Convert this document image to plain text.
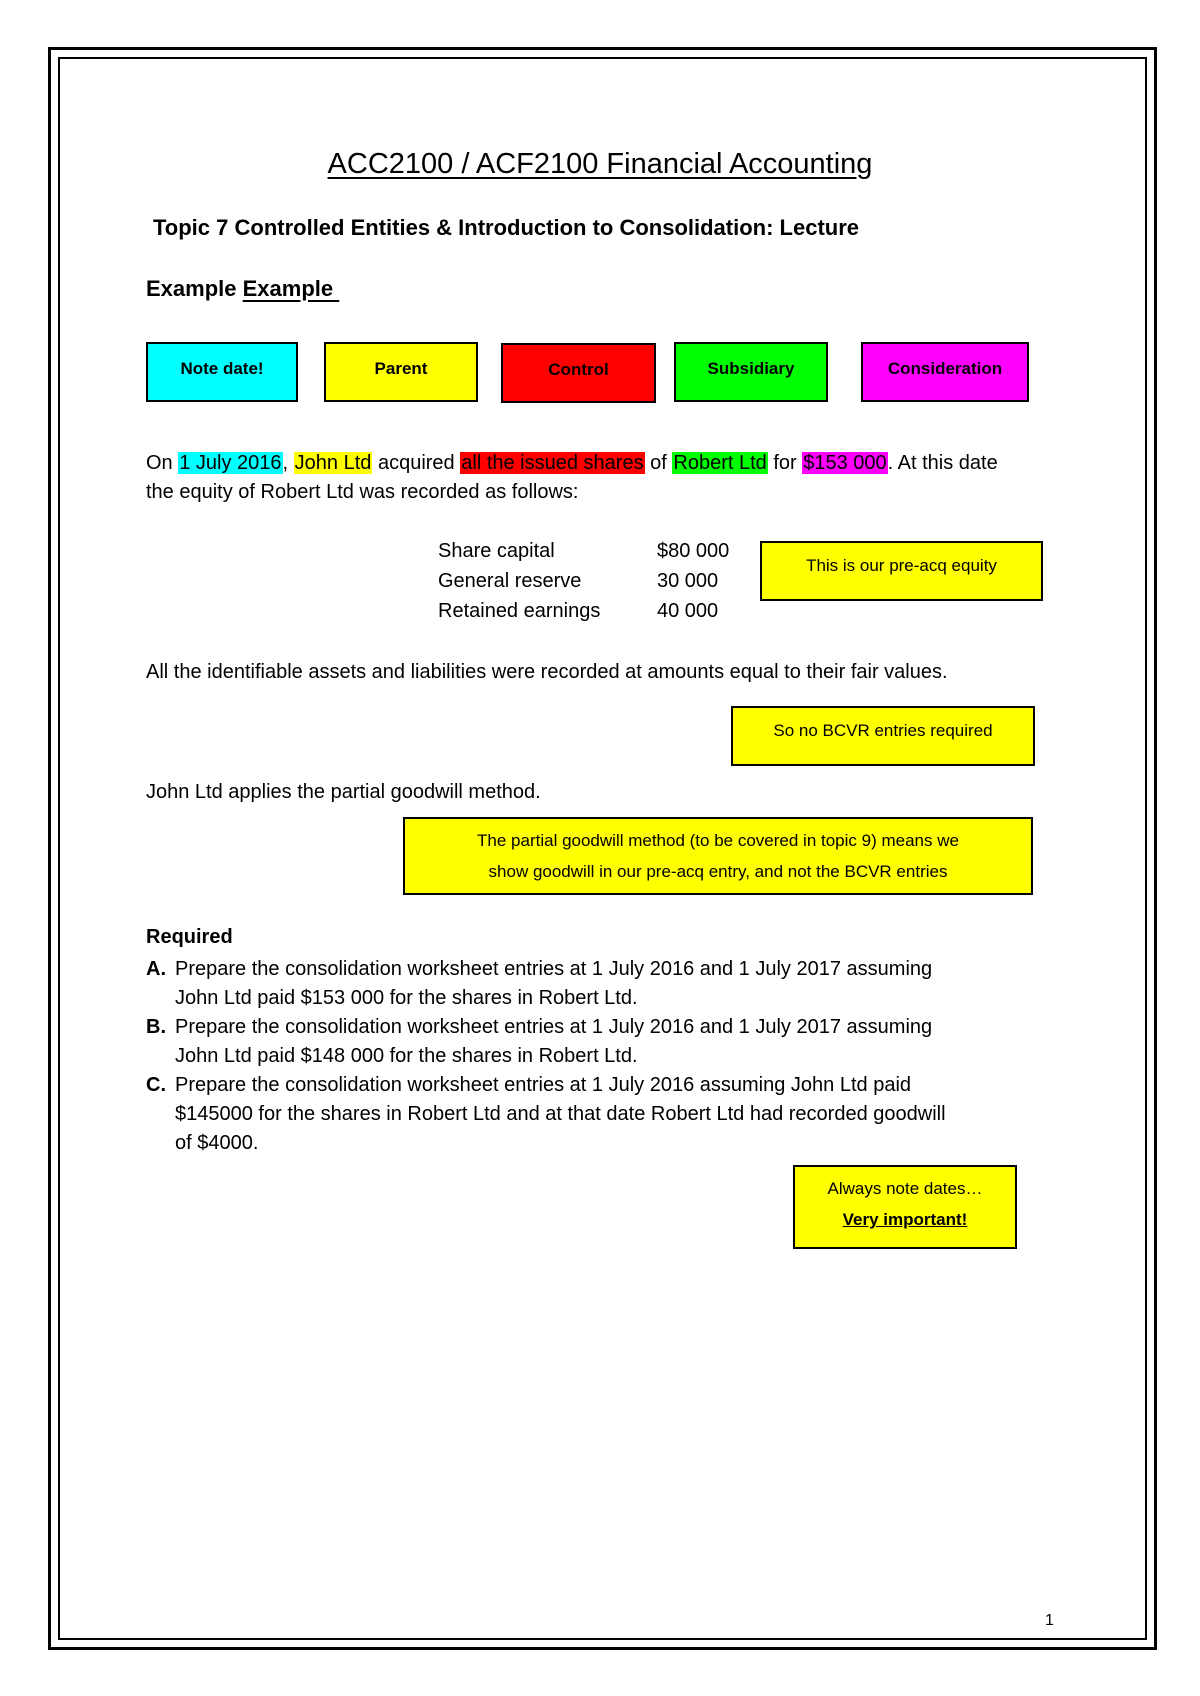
ACC2100 / ACF2100 Financial Accounting
Topic 7 Controlled Entities & Introduction to Consolidation: Lecture
Example Example
Note date!	Parent	Control	Subsidiary	Consideration
On 1 July 2016, John Ltd acquired all the issued shares of Robert Ltd for $153 000. At this date
the equity of Robert Ltd was recorded as follows:
Share capital	$80 000
General reserve	30 000
Retained earnings	40 000
This is our pre-acq equity
All the identifiable assets and liabilities were recorded at amounts equal to their fair values.
So no BCVR entries required
John Ltd applies the partial goodwill method.
The partial goodwill method (to be covered in topic 9) means we
show goodwill in our pre-acq entry, and not the BCVR entries
Required
A. Prepare the consolidation worksheet entries at 1 July 2016 and 1 July 2017 assuming
John Ltd paid $153 000 for the shares in Robert Ltd.
B. Prepare the consolidation worksheet entries at 1 July 2016 and 1 July 2017 assuming
John Ltd paid $148 000 for the shares in Robert Ltd.
C. Prepare the consolidation worksheet entries at 1 July 2016 assuming John Ltd paid
$145000 for the shares in Robert Ltd and at that date Robert Ltd had recorded goodwill
of $4000.
Always note dates…
Very important!
1
